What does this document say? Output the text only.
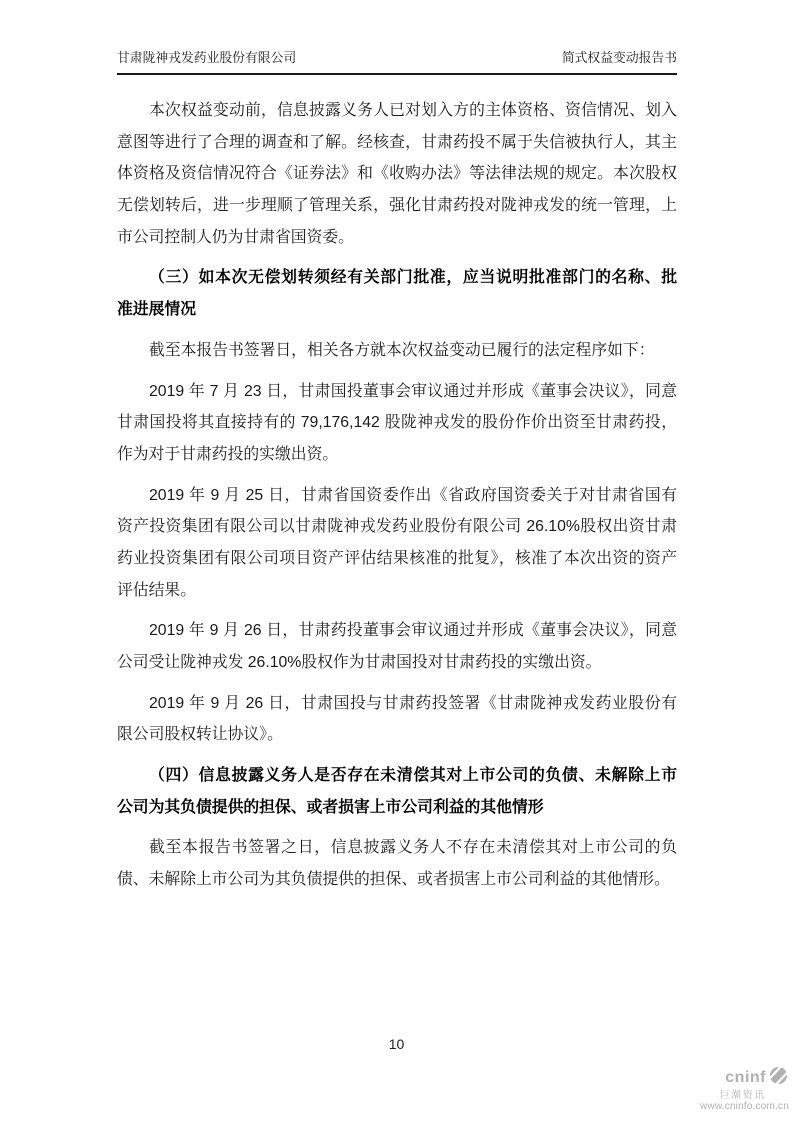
甘肃陇神戎发药业股份有限公司	简式权益变动报告书
本次权益变动前，信息披露义务人已对划入方的主体资格、资信情况、划入
意图等进行了合理的调查和了解。经核查，甘肃药投不属于失信被执行人，其主
体资格及资信情况符合《证券法》和《收购办法》等法律法规的规定。本次股权
无偿划转后，进一步理顺了管理关系，强化甘肃药投对陇神戎发的统一管理，上
市公司控制人仍为甘肃省国资委。
（三）如本次无偿划转须经有关部门批准，应当说明批准部门的名称、批
准进展情况
截至本报告书签署日，相关各方就本次权益变动已履行的法定程序如下：
2019 年 7 月 23 日，甘肃国投董事会审议通过并形成《董事会决议》，同意
甘肃国投将其直接持有的 79,176,142 股陇神戎发的股份作价出资至甘肃药投，
作为对于甘肃药投的实缴出资。
2019 年 9 月 25 日，甘肃省国资委作出《省政府国资委关于对甘肃省国有
资产投资集团有限公司以甘肃陇神戎发药业股份有限公司 26.10%股权出资甘肃
药业投资集团有限公司项目资产评估结果核准的批复》，核准了本次出资的资产
评估结果。
2019 年 9 月 26 日，甘肃药投董事会审议通过并形成《董事会决议》，同意
公司受让陇神戎发 26.10%股权作为甘肃国投对甘肃药投的实缴出资。
2019 年 9 月 26 日，甘肃国投与甘肃药投签署《甘肃陇神戎发药业股份有
限公司股权转让协议》。
（四）信息披露义务人是否存在未清偿其对上市公司的负债、未解除上市
公司为其负债提供的担保、或者损害上市公司利益的其他情形
截至本报告书签署之日，信息披露义务人不存在未清偿其对上市公司的负
债、未解除上市公司为其负债提供的担保、或者损害上市公司利益的其他情形。
10
cninf
巨潮资讯
www.cninfo.com.cn
